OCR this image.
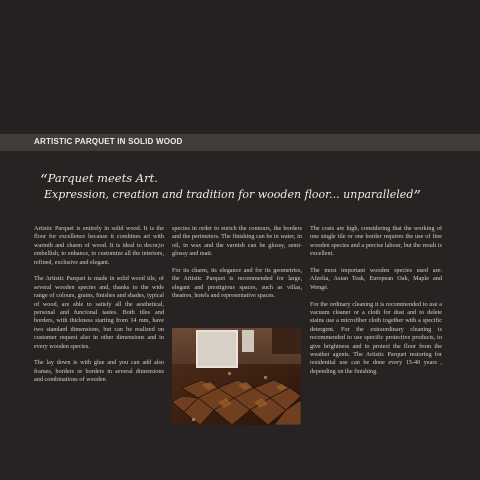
ARTISTIC PARQUET IN SOLID WOOD
“Parquet meets Art.
Expression, creation and tradition for wooden floor... unparalleled”

Artistic Parquet is entirely in solid wood. It is the floor for excellence because it combines art with warmth and charm of wood. It is ideal to decor,to embellish, to enhance, to customize all the interiors, refined, exclusive and elegant.

The Artistic Parquet is made in solid wood tile, of several wooden species and, thanks to the wide range of colours, grains, finishes and shades, typical of wood, are able to satisfy all the aesthetical, personal and funcional tastes. Both tiles and borders, with thickness starting from 14 mm, have two standard dimensions, but can be realized on customer request also in other dimensions and in every wooden species.

The lay down is with glue and you can add also frames, borders or borders in several dimensions and combinations of wooden

species in order to enrich the contours, the borders and the perimeters. The finishing can be in water, in oil, in wax and the varnish can be glossy, semi-glossy and matt.

For its charm, its elegance and for its geometries, the Artistic Parquet is recommended for large, elegant and prestigious spaces, such as villas, theatres, hotels and representative spaces.

The costs are high, considering that the working of one single tile or one border requires the use of fine wooden species and a precise labour, but the result is excellent.

The most important wooden species used are: Afzelia, Asian Teak, European Oak, Maple and Wengé.

For the ordinary cleaning it is recommended to use a vacuum cleaner or a cloth for dust and to delete stains use a microfiber cloth together with a specific detergent. For the extraordinary cleaning is recommended to use specific protective products, to give brightness and to protect the floor from the weather agents. The Artistic Parquet restoring for residential use can be done every 15-40 years , depending on the finishing.
